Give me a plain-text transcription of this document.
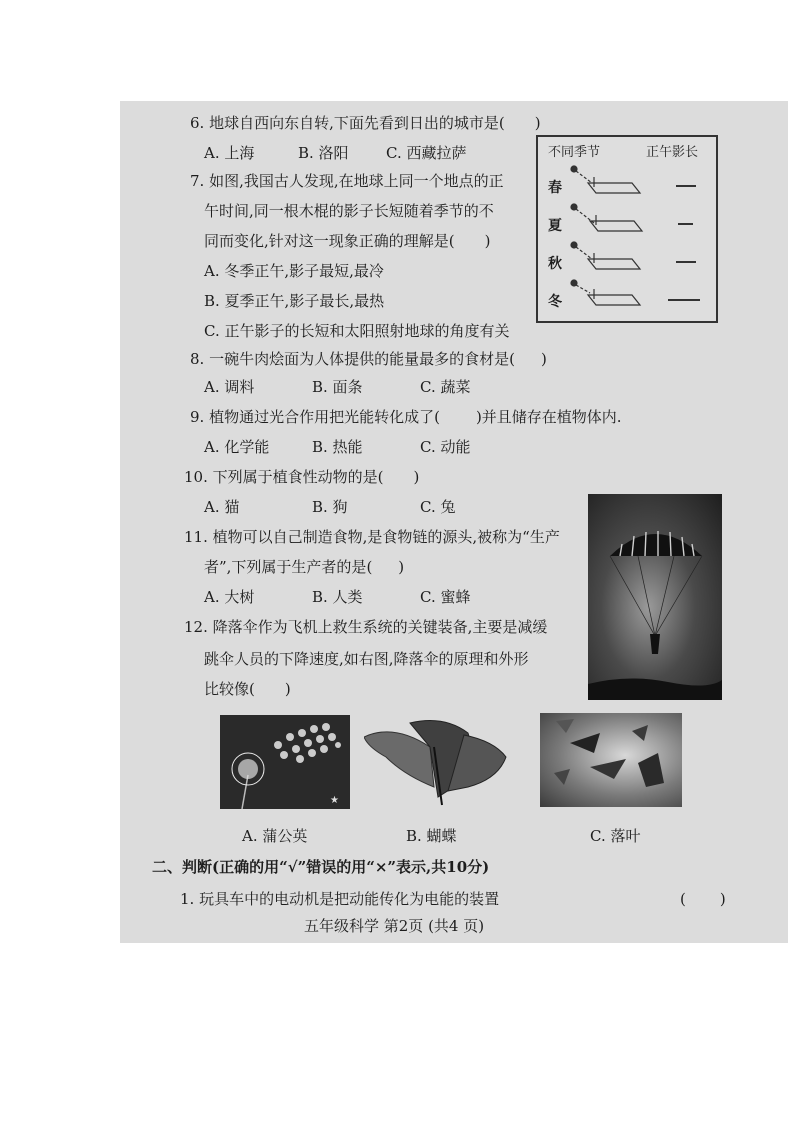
6. 地球自西向东自转,下面先看到日出的城市是( )
A. 上海	B. 洛阳 C. 西藏拉萨	不同季节	正午影长
春
夏
秋
冬
7. 如图,我国古人发现,在地球上同一个地点的正
午时间,同一根木棍的影子长短随着季节的不
同而变化,针对这一现象正确的理解是( )
A. 冬季正午,影子最短,最冷
B. 夏季正午,影子最长,最热
C. 正午影子的长短和太阳照射地球的角度有关
8. 一碗牛肉烩面为人体提供的能量最多的食材是( )
A. 调料	B. 面条	C. 蔬菜
9. 植物通过光合作用把光能转化成了( )并且储存在植物体内.
A. 化学能	B. 热能	C. 动能
10. 下列属于植食性动物的是( )
A. 猫	B. 狗	C. 兔
11. 植物可以自己制造食物,是食物链的源头,被称为“生产
者”,下列属于生产者的是( )
A. 大树	B. 人类	C. 蜜蜂
12. 降落伞作为飞机上救生系统的关键装备,主要是减缓
跳伞人员的下降速度,如右图,降落伞的原理和外形
比较像( )
★
A. 蒲公英	B. 蝴蝶	C. 落叶
二、判断(正确的用“√”错误的用“×”表示,共10分)
1. 玩具车中的电动机是把动能传化为电能的装置	( )
五年级科学 第2页 (共4 页)
